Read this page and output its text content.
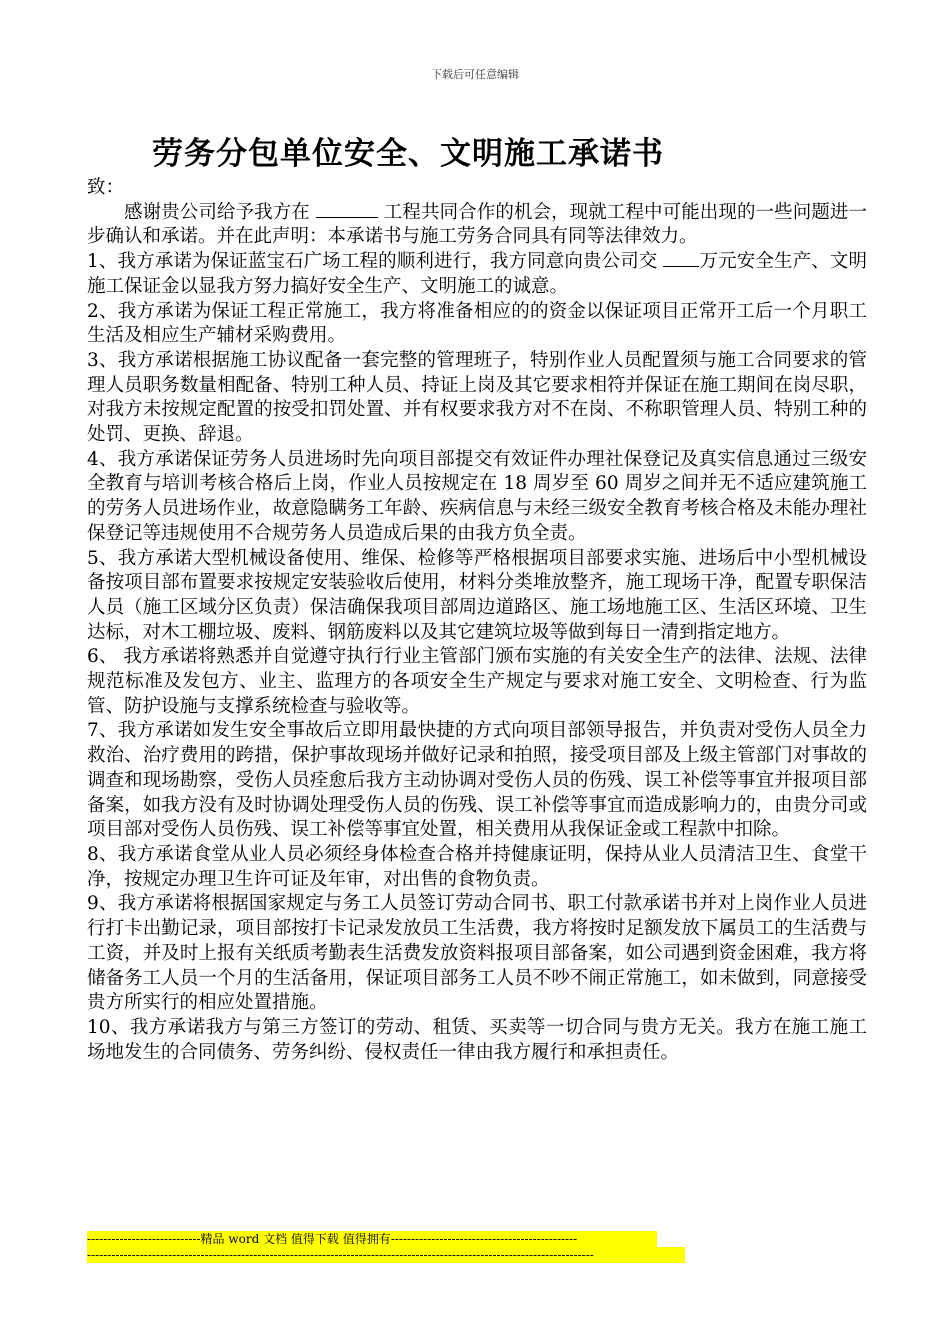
下载后可任意编辑
劳务分包单位安全、文明施工承诺书

致：

感谢贵公司给予我方在	工程共同合作的机会，现就工程中可能出现的一些问题进一步确认和承诺。并在此声明：本承诺书与施工劳务合同具有同等法律效力。

1、我方承诺为保证蓝宝石广场工程的顺利进行，我方同意向贵公司交 万元安全生产、文明施工保证金以显我方努力搞好安全生产、文明施工的诚意。

2、我方承诺为保证工程正常施工，我方将准备相应的的资金以保证项目正常开工后一个月职工生活及相应生产辅材采购费用。

3、我方承诺根据施工协议配备一套完整的管理班子，特别作业人员配置须与施工合同要求的管理人员职务数量相配备、特别工种人员、持证上岗及其它要求相符并保证在施工期间在岗尽职，对我方未按规定配置的按受扣罚处置、并有权要求我方对不在岗、不称职管理人员、特别工种的处罚、更换、辞退。

4、我方承诺保证劳务人员进场时先向项目部提交有效证件办理社保登记及真实信息通过三级安全教育与培训考核合格后上岗，作业人员按规定在 18 周岁至 60 周岁之间并无不适应建筑施工的劳务人员进场作业，故意隐瞒务工年龄、疾病信息与未经三级安全教育考核合格及未能办理社保登记等违规使用不合规劳务人员造成后果的由我方负全责。

5、我方承诺大型机械设备使用、维保、检修等严格根据项目部要求实施、进场后中小型机械设备按项目部布置要求按规定安装验收后使用，材料分类堆放整齐，施工现场干净，配置专职保洁人员（施工区域分区负责）保洁确保我项目部周边道路区、施工场地施工区、生活区环境、卫生达标，对木工棚垃圾、废料、钢筋废料以及其它建筑垃圾等做到每日一清到指定地方。

6、 我方承诺将熟悉并自觉遵守执行行业主管部门颁布实施的有关安全生产的法律、法规、法律规范标准及发包方、业主、监理方的各项安全生产规定与要求对施工安全、文明检查、行为监管、防护设施与支撑系统检查与验收等。

7、我方承诺如发生安全事故后立即用最快捷的方式向项目部领导报告，并负责对受伤人员全力救治、治疗费用的跨措，保护事故现场并做好记录和拍照，接受项目部及上级主管部门对事故的调查和现场勘察，受伤人员痊愈后我方主动协调对受伤人员的伤残、误工补偿等事宜并报项目部备案，如我方没有及时协调处理受伤人员的伤残、误工补偿等事宜而造成影响力的，由贵分司或项目部对受伤人员伤残、误工补偿等事宜处置，相关费用从我保证金或工程款中扣除。

8、我方承诺食堂从业人员必须经身体检查合格并持健康证明，保持从业人员清洁卫生、食堂干净，按规定办理卫生许可证及年审，对出售的食物负责。

9、我方承诺将根据国家规定与务工人员签订劳动合同书、职工付款承诺书并对上岗作业人员进行打卡出勤记录，项目部按打卡记录发放员工生活费，我方将按时足额发放下属员工的生活费与工资，并及时上报有关纸质考勤表生活费发放资料报项目部备案，如公司遇到资金困难，我方将储备务工人员一个月的生活备用，保证项目部务工人员不吵不闹正常施工，如未做到，同意接受贵方所实行的相应处置措施。

10、我方承诺我方与第三方签订的劳动、租赁、买卖等一切合同与贵方无关。我方在施工施工场地发生的合同债务、劳务纠纷、侵权责任一律由我方履行和承担责任。

----------------------------精品 word 文档 值得下载 值得拥有----------------------------------------------
-----------------------------------------------------------------------------------------------------------------------------
